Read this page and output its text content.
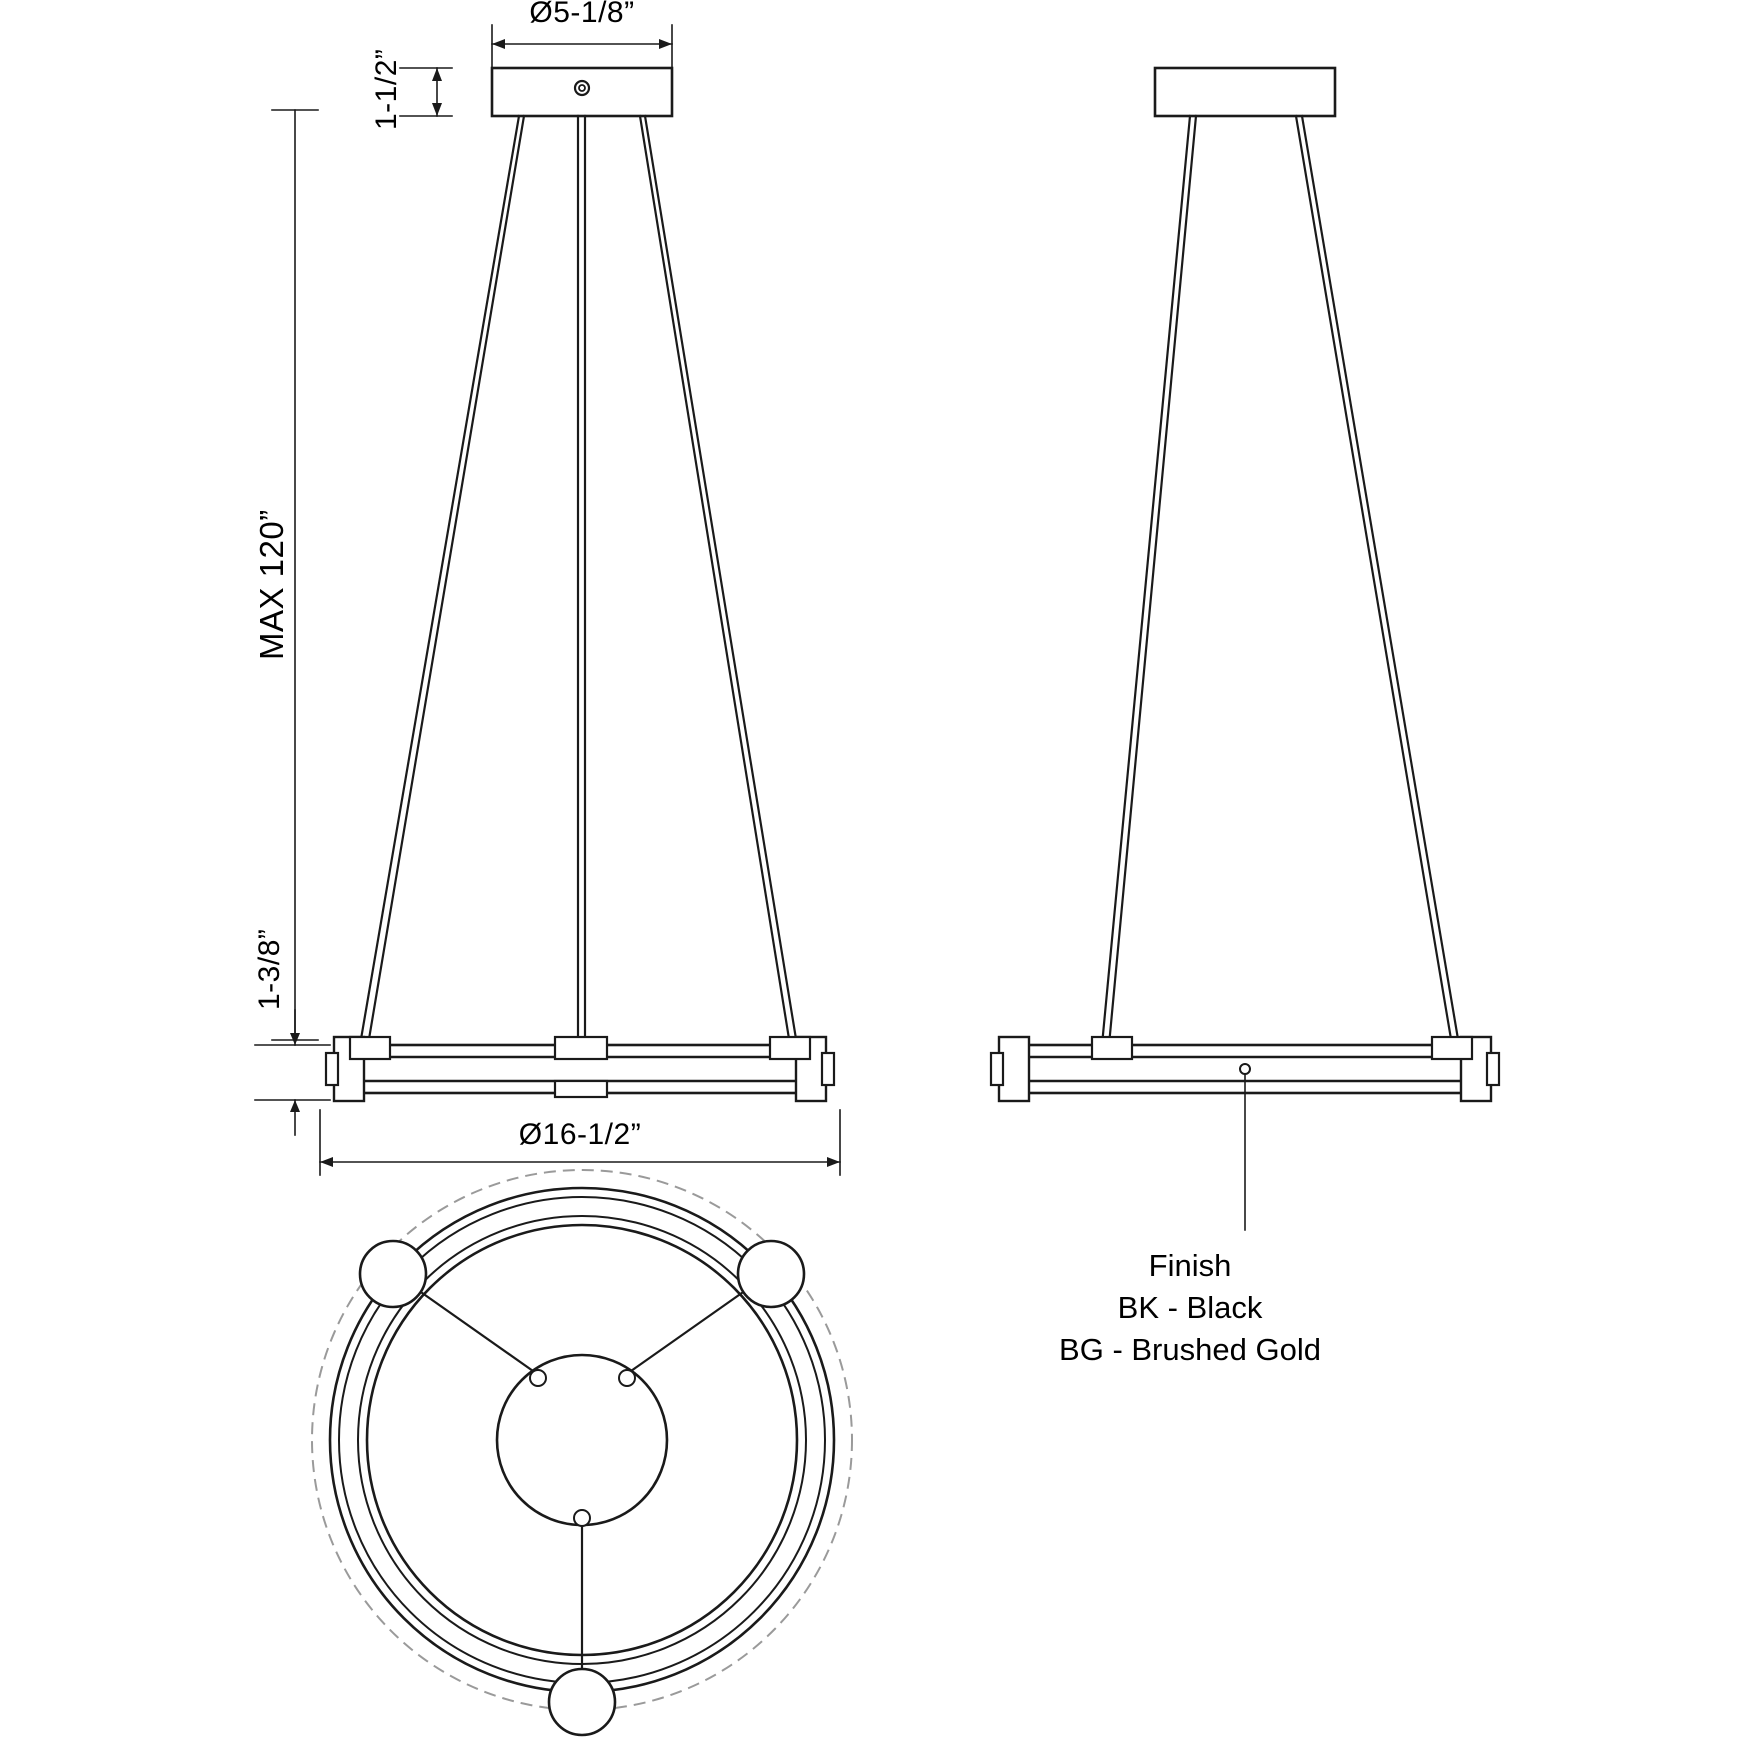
Ø5-1/8”
1-1/2”
MAX 120”
1-3/8”
Ø16-1/2”
Finish
BK - Black
BG - Brushed Gold
